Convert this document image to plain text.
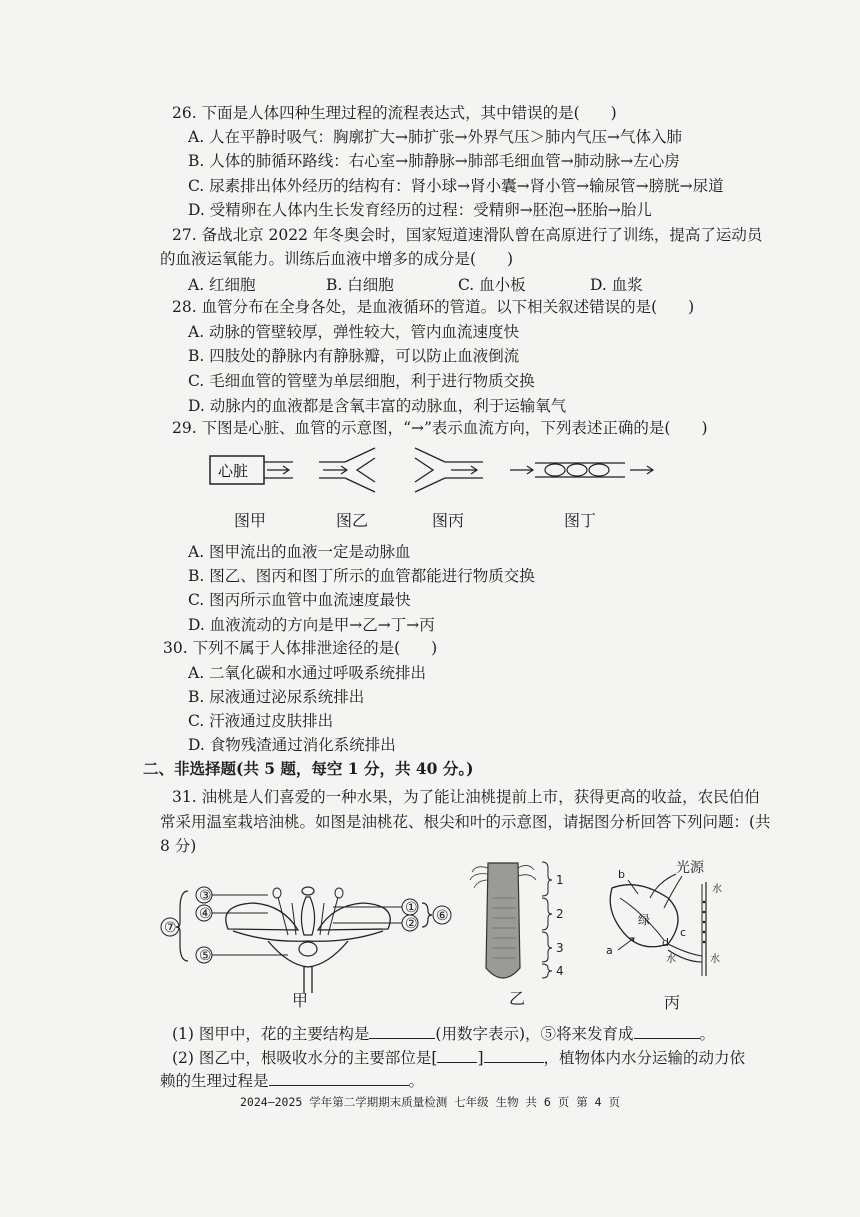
26. 下面是人体四种生理过程的流程表达式，其中错误的是(　　)
A. 人在平静时吸气：胸廓扩大→肺扩张→外界气压＞肺内气压→气体入肺
B. 人体的肺循环路线：右心室→肺静脉→肺部毛细血管→肺动脉→左心房
C. 尿素排出体外经历的结构有：肾小球→肾小囊→肾小管→输尿管→膀胱→尿道
D. 受精卵在人体内生长发育经历的过程：受精卵→胚泡→胚胎→胎儿
27. 备战北京 2022 年冬奥会时，国家短道速滑队曾在高原进行了训练，提高了运动员
的血液运氧能力。训练后血液中增多的成分是(　　)
A. 红细胞	B. 白细胞	C. 血小板	D. 血浆
28. 血管分布在全身各处，是血液循环的管道。以下相关叙述错误的是(　　)
A. 动脉的管壁较厚，弹性较大，管内血流速度快
B. 四肢处的静脉内有静脉瓣，可以防止血液倒流
C. 毛细血管的管壁为单层细胞，利于进行物质交换
D. 动脉内的血液都是含氧丰富的动脉血，利于运输氧气
29. 下图是心脏、血管的示意图，“→”表示血流方向，下列表述正确的是(　　)
心脏
图甲	图乙	图丙	图丁
A. 图甲流出的血液一定是动脉血
B. 图乙、图丙和图丁所示的血管都能进行物质交换
C. 图丙所示血管中血流速度最快
D. 血液流动的方向是甲→乙→丁→丙
30. 下列不属于人体排泄途径的是(　　)
A. 二氧化碳和水通过呼吸系统排出
B. 尿液通过泌尿系统排出
C. 汗液通过皮肤排出
D. 食物残渣通过消化系统排出
二、非选择题(共 5 题，每空 1 分，共 40 分。)
31. 油桃是人们喜爱的一种水果，为了能让油桃提前上市，获得更高的收益，农民伯伯
常采用温室栽培油桃。如图是油桃花、根尖和叶的示意图，请据图分析回答下列问题：(共
8 分)
③
④
⑦
⑤
①
② ⑥
1
2
3
4
光源
绿
a
b
c
d
水
水
水
甲	乙	丙
(1) 图甲中，花的主要结构是	(用数字表示)，⑤将来发育成	。
(2) 图乙中，根吸收水分的主要部位是[	]	，植物体内水分运输的动力依
赖的生理过程是	。
2024–2025 学年第二学期期末质量检测 七年级 生物 共 6 页 第 4 页
